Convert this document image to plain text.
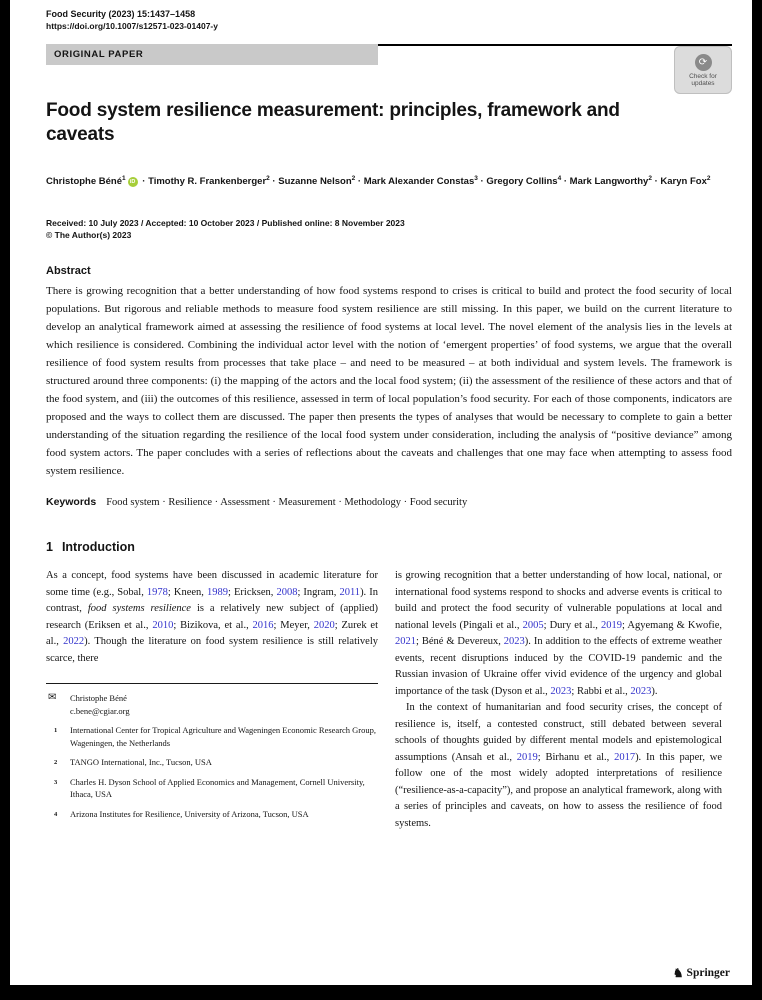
Food Security (2023) 15:1437–1458
https://doi.org/10.1007/s12571-023-01407-y
ORIGINAL PAPER
⟳
Check for updates
Food system resilience measurement: principles, framework and caveats
Christophe Béné$^1$ iD · Timothy R. Frankenberger$^2$ · Suzanne Nelson$^2$ · Mark Alexander Constas$^3$ · Gregory Collins$^4$ · Mark Langworthy$^2$ · Karyn Fox$^2$
Received: 10 July 2023 / Accepted: 10 October 2023 / Published online: 8 November 2023
© The Author(s) 2023
Abstract
There is growing recognition that a better understanding of how food systems respond to crises is critical to build and protect the food security of local populations. But rigorous and reliable methods to measure food system resilience are still missing. In this paper, we build on the current literature to develop an analytical framework aimed at assessing the resilience of food systems at local level. The novel element of the analysis lies in the levels at which resilience is considered. Combining the individual actor level with the notion of ‘emergent properties’ of food systems, we argue that the overall resilience of food system results from processes that take place – and need to be measured – at both individual and system levels. The framework is structured around three components: (i) the mapping of the actors and the local food system; (ii) the assessment of the resilience of these actors and that of the food system, and (iii) the outcomes of this resilience, assessed in term of local population’s food security. For each of those components, indicators are proposed and the ways to collect them are discussed. The paper then presents the types of analyses that would be necessary to complete to gain a better understanding of the situation regarding the resilience of the local food system under consideration, including the analysis of “positive deviance” among food system actors. The paper concludes with a series of reflections about the caveats and challenges that one may face when attempting to assess food system resilience.
Keywords Food system · Resilience · Assessment · Measurement · Methodology · Food security
1 Introduction
As a concept, food systems have been discussed in academic literature for some time (e.g., Sobal, 1978; Kneen, 1989; Ericksen, 2008; Ingram, 2011). In contrast, food systems resilience is a relatively new subject of (applied) research (Eriksen et al., 2010; Bizikova, et al., 2016; Meyer, 2020; Zurek et al., 2022). Though the literature on food system resilience is still relatively scarce, there
✉ Christophe Béné
c.bene@cgiar.org
1 International Center for Tropical Agriculture and Wageningen Economic Research Group, Wageningen, the Netherlands
2 TANGO International, Inc., Tucson, USA
3 Charles H. Dyson School of Applied Economics and Management, Cornell University, Ithaca, USA
4 Arizona Institutes for Resilience, University of Arizona, Tucson, USA
is growing recognition that a better understanding of how local, national, or international food systems respond to shocks and adverse events is critical to build and protect the food security of vulnerable populations at local and national levels (Pingali et al., 2005; Dury et al., 2019; Agyemang & Kwofie, 2021; Béné & Devereux, 2023). In addition to the effects of extreme weather events, recent disruptions induced by the COVID-19 pandemic and the Russian invasion of Ukraine offer vivid evidence of the urgency and global importance of the task (Dyson et al., 2023; Rabbi et al., 2023).
In the context of humanitarian and food security crises, the concept of resilience is, itself, a contested construct, still debated between several schools of thoughts guided by different mental models and epistemological assumptions (Ansah et al., 2019; Birhanu et al., 2017). In this paper, we follow one of the most widely adopted interpretations of resilience (“resilience-as-a-capacity”), and propose an analytical framework, along with a series of principles and caveats, on how to assess the resilience of food systems.
♞ Springer
